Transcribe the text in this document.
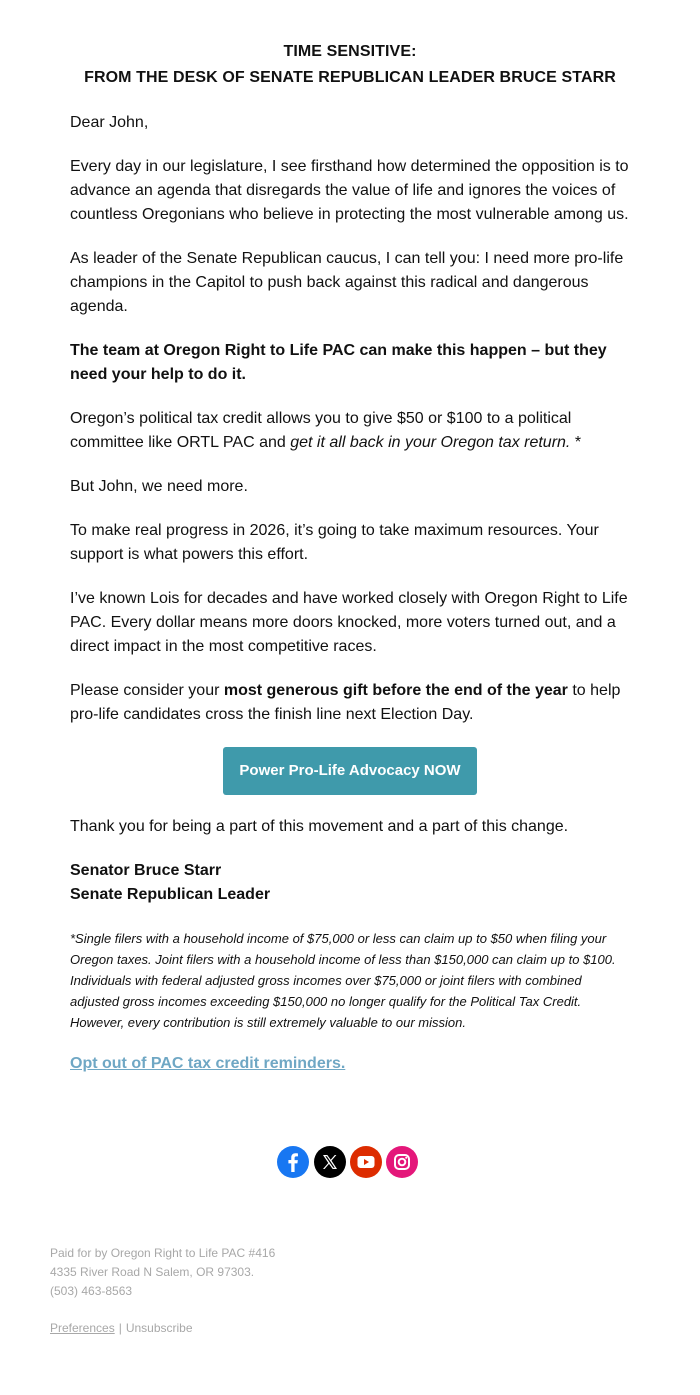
TIME SENSITIVE:
FROM THE DESK OF SENATE REPUBLICAN LEADER BRUCE STARR

Dear John,

Every day in our legislature, I see firsthand how determined the opposition is to advance an agenda that disregards the value of life and ignores the voices of countless Oregonians who believe in protecting the most vulnerable among us.

As leader of the Senate Republican caucus, I can tell you: I need more pro-life champions in the Capitol to push back against this radical and dangerous agenda.

The team at Oregon Right to Life PAC can make this happen – but they need your help to do it.

Oregon’s political tax credit allows you to give $50 or $100 to a political committee like ORTL PAC and get it all back in your Oregon tax return. *

But John, we need more.

To make real progress in 2026, it’s going to take maximum resources. Your support is what powers this effort.

I’ve known Lois for decades and have worked closely with Oregon Right to Life PAC. Every dollar means more doors knocked, more voters turned out, and a direct impact in the most competitive races.

Please consider your most generous gift before the end of the year to help pro-life candidates cross the finish line next Election Day.

Power Pro-Life Advocacy NOW

Thank you for being a part of this movement and a part of this change.

Senator Bruce Starr

Senate Republican Leader

*Single filers with a household income of $75,000 or less can claim up to $50 when filing your Oregon taxes. Joint filers with a household income of less than $150,000 can claim up to $100. Individuals with federal adjusted gross incomes over $75,000 or joint filers with combined adjusted gross incomes exceeding $150,000 no longer qualify for the Political Tax Credit. However, every contribution is still extremely valuable to our mission.

Opt out of PAC tax credit reminders.
Paid for by Oregon Right to Life PAC #416
4335 River Road N Salem, OR 97303.
(503) 463-8563
Preferences | Unsubscribe
